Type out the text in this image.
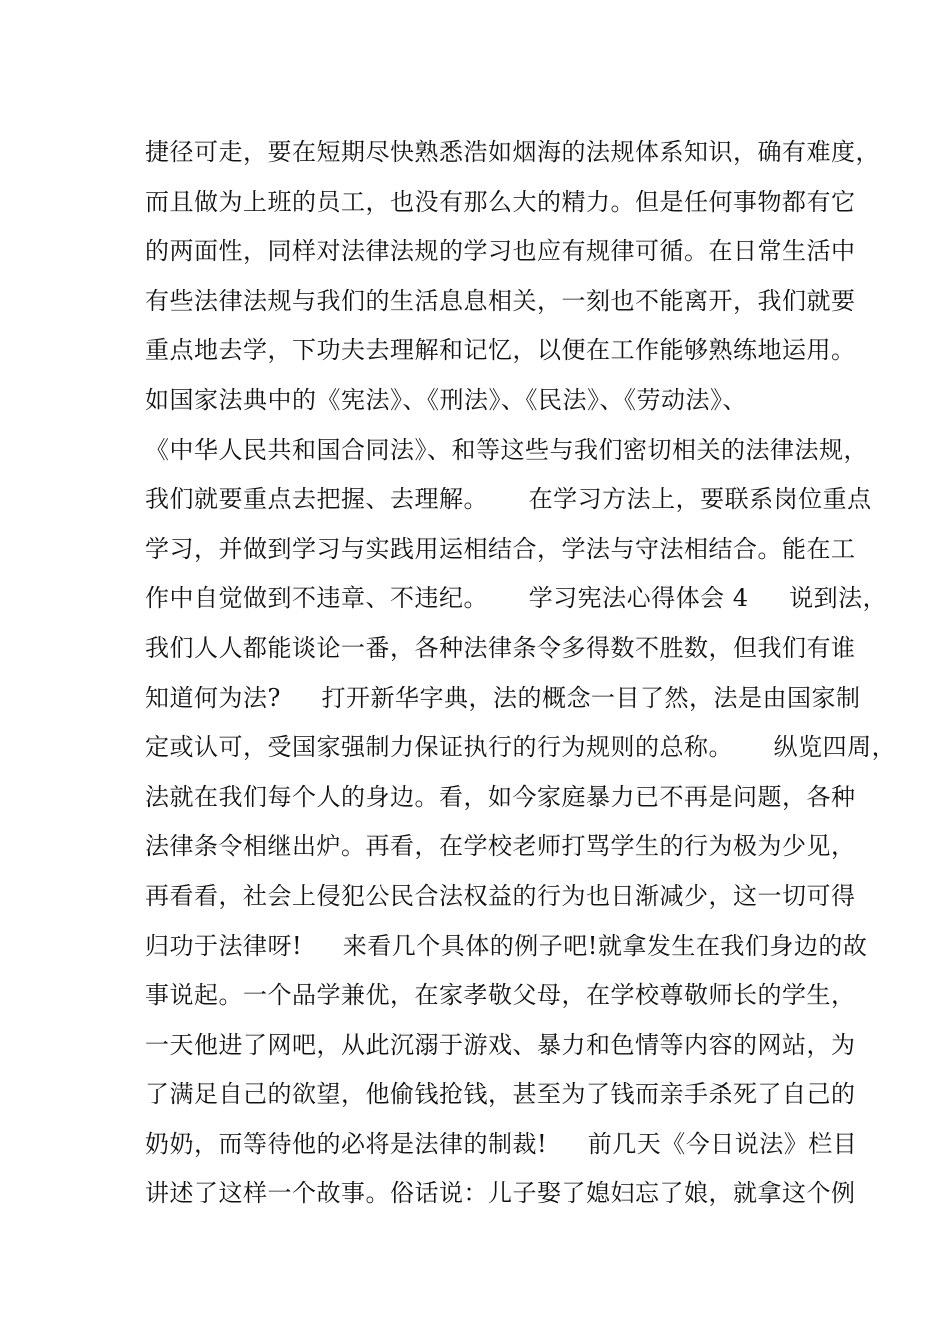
捷径可走，要在短期尽快熟悉浩如烟海的法规体系知识，确有难度，
而且做为上班的员工，也没有那么大的精力。但是任何事物都有它
的两面性，同样对法律法规的学习也应有规律可循。在日常生活中
有些法律法规与我们的生活息息相关，一刻也不能离开，我们就要
重点地去学，下功夫去理解和记忆，以便在工作能够熟练地运用。
如国家法典中的《宪法》、《刑法》、《民法》、《劳动法》、
《中华人民共和国合同法》、和等这些与我们密切相关的法律法规，
我们就要重点去把握、去理解。     在学习方法上，要联系岗位重点
学习，并做到学习与实践用运相结合，学法与守法相结合。能在工
作中自觉做到不违章、不违纪。     学习宪法心得体会 4     说到法，
我们人人都能谈论一番，各种法律条令多得数不胜数，但我们有谁
知道何为法?     打开新华字典，法的概念一目了然，法是由国家制
定或认可，受国家强制力保证执行的行为规则的总称。     纵览四周，
法就在我们每个人的身边。看，如今家庭暴力已不再是问题，各种
法律条令相继出炉。再看，在学校老师打骂学生的行为极为少见，
再看看，社会上侵犯公民合法权益的行为也日渐减少，这一切可得
归功于法律呀!     来看几个具体的例子吧!就拿发生在我们身边的故
事说起。一个品学兼优，在家孝敬父母，在学校尊敬师长的学生，
一天他进了网吧，从此沉溺于游戏、暴力和色情等内容的网站，为
了满足自己的欲望，他偷钱抢钱，甚至为了钱而亲手杀死了自己的
奶奶，而等待他的必将是法律的制裁!     前几天《今日说法》栏目
讲述了这样一个故事。俗话说：儿子娶了媳妇忘了娘，就拿这个例
